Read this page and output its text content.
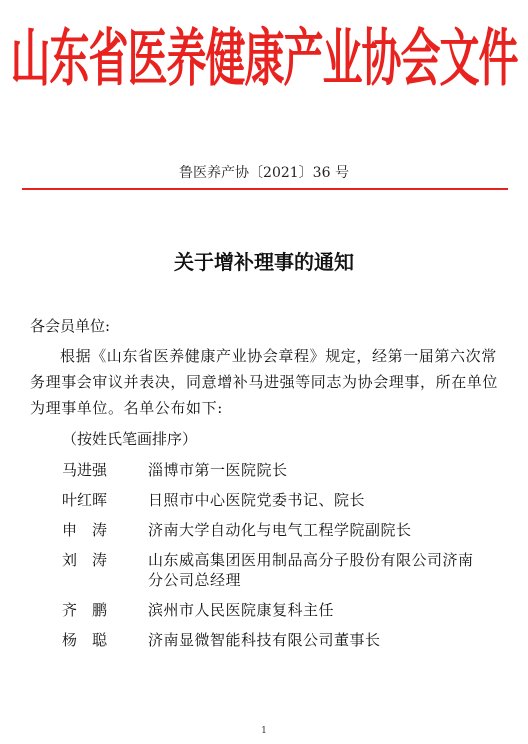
山东省医养健康产业协会文件
鲁医养产协〔2021〕36 号
关于增补理事的通知
各会员单位:
根据《山东省医养健康产业协会章程》规定，经第一届第六次常务理事会审议并表决，同意增补马进强等同志为协会理事，所在单位为理事单位。名单公布如下:
（按姓氏笔画排序）
马进强	淄博市第一医院院长
叶红晖	日照市中心医院党委书记、院长
申　涛	济南大学自动化与电气工程学院副院长
刘　涛	山东威高集团医用制品高分子股份有限公司济南分公司总经理
齐　鹏	滨州市人民医院康复科主任
杨　聪	济南显微智能科技有限公司董事长
1
